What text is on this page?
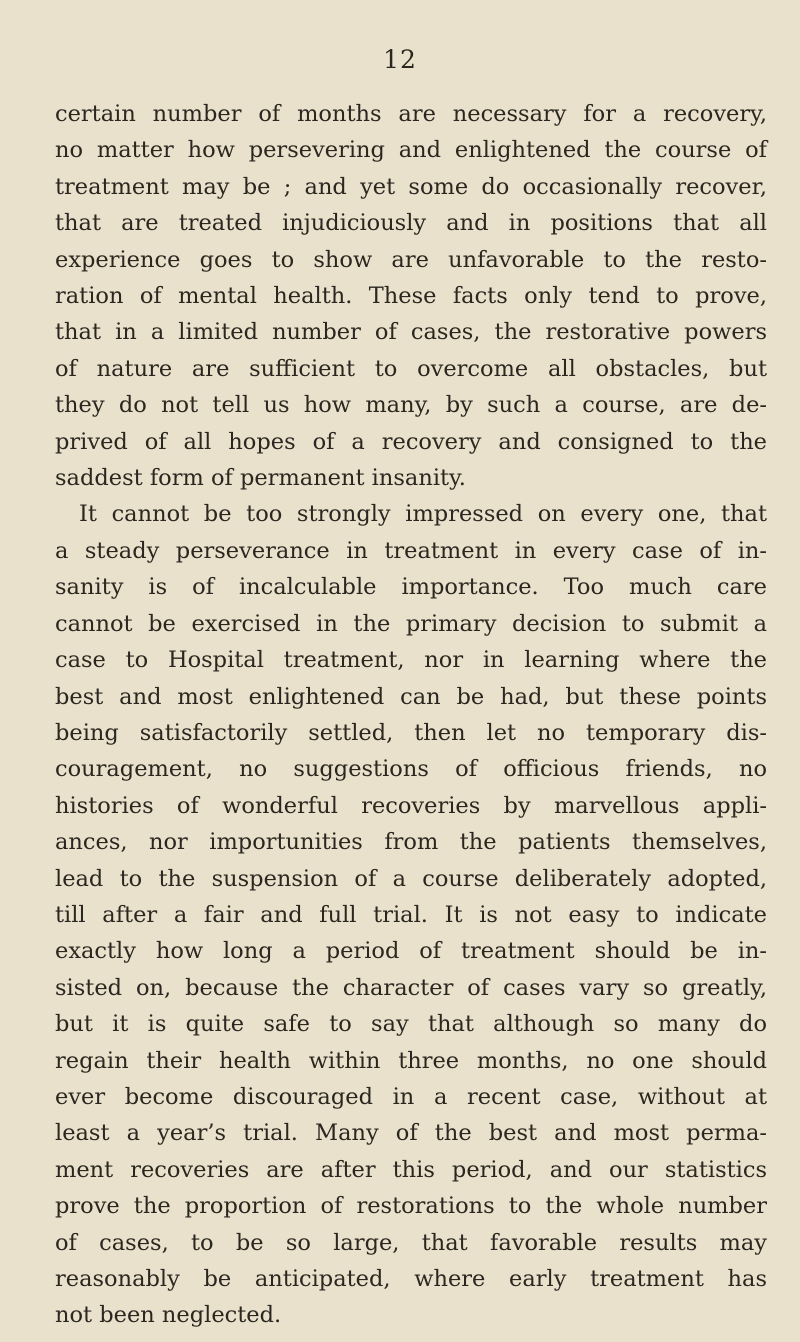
12
certain number of months are necessary for a recovery,
no matter how persevering and enlightened the course of
treatment may be ; and yet some do occasionally recover,
that are treated injudiciously and in positions that all
experience goes to show are unfavorable to the resto-
ration of mental health. These facts only tend to prove,
that in a limited number of cases, the restorative powers
of nature are sufficient to overcome all obstacles, but
they do not tell us how many, by such a course, are de-
prived of all hopes of a recovery and consigned to the
saddest form of permanent insanity.
It cannot be too strongly impressed on every one, that
a steady perseverance in treatment in every case of in-
sanity is of incalculable importance. Too much care
cannot be exercised in the primary decision to submit a
case to Hospital treatment, nor in learning where the
best and most enlightened can be had, but these points
being satisfactorily settled, then let no temporary dis-
couragement, no suggestions of officious friends, no
histories of wonderful recoveries by marvellous appli-
ances, nor importunities from the patients themselves,
lead to the suspension of a course deliberately adopted,
till after a fair and full trial. It is not easy to indicate
exactly how long a period of treatment should be in-
sisted on, because the character of cases vary so greatly,
but it is quite safe to say that although so many do
regain their health within three months, no one should
ever become discouraged in a recent case, without at
least a year’s trial. Many of the best and most perma-
ment recoveries are after this period, and our statistics
prove the proportion of restorations to the whole number
of cases, to be so large, that favorable results may
reasonably be anticipated, where early treatment has
not been neglected.
